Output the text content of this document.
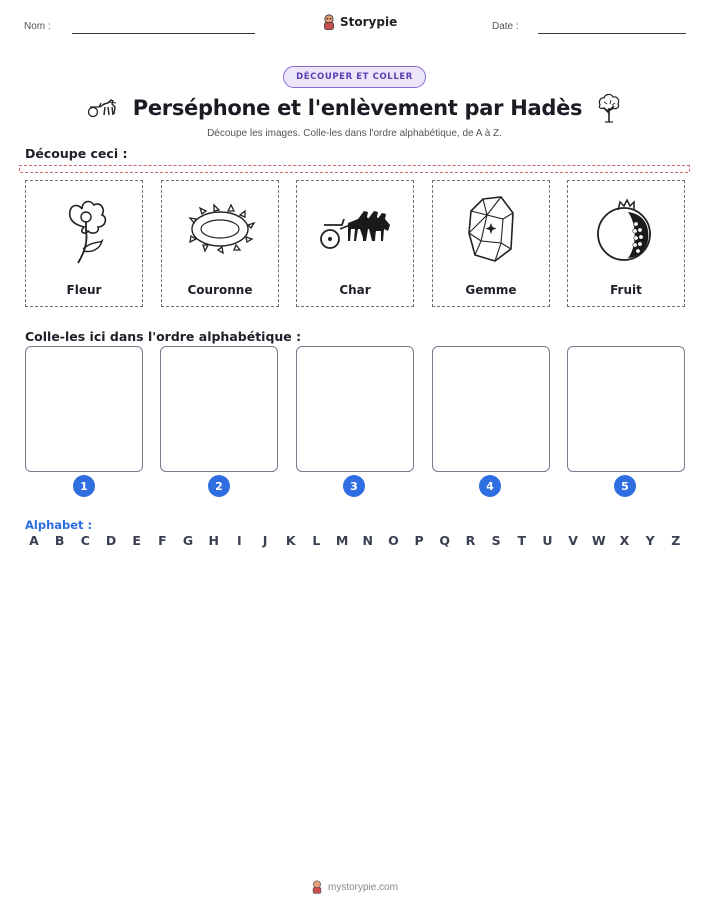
Nom :	Storypie	Date :
DÉCOUPER ET COLLER
Perséphone et l'enlèvement par Hadès
Découpe les images. Colle-les dans l'ordre alphabétique, de A à Z.
Découpe ceci :
Fleur	Couronne	Char	Gemme	Fruit
Colle-les ici dans l'ordre alphabétique :
1	2	3	4	5
Alphabet :
A	B	C	D	E	F	G	H	I	J	K	L	M	N	O	P	Q	R	S	T	U	V	W	X	Y	Z
mystorypie.com
